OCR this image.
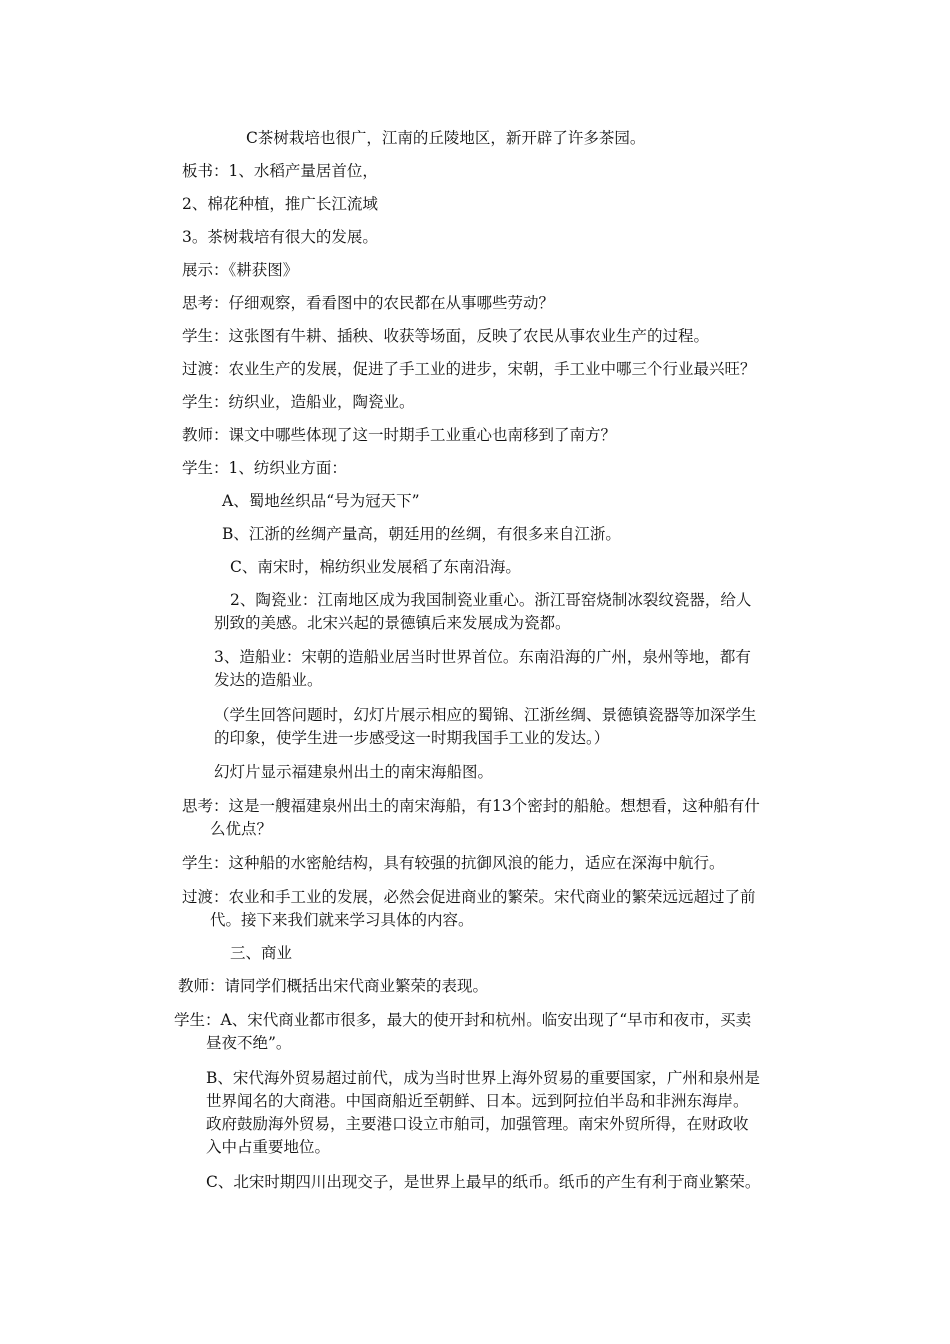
C茶树栽培也很广，江南的丘陵地区，新开辟了许多茶园。
板书：1、水稻产量居首位，
2、棉花种植，推广长江流域
3。茶树栽培有很大的发展。
展示：《耕获图》
思考：仔细观察，看看图中的农民都在从事哪些劳动？
学生：这张图有牛耕、插秧、收获等场面，反映了农民从事农业生产的过程。
过渡：农业生产的发展，促进了手工业的进步，宋朝，手工业中哪三个行业最兴旺？
学生：纺织业，造船业，陶瓷业。
教师：课文中哪些体现了这一时期手工业重心也南移到了南方？
学生：1、纺织业方面：
A、蜀地丝织品“号为冠天下”
B、江浙的丝绸产量高，朝廷用的丝绸，有很多来自江浙。
C、南宋时，棉纺织业发展稻了东南沿海。
2、陶瓷业：江南地区成为我国制瓷业重心。浙江哥窑烧制冰裂纹瓷器，给人
别致的美感。北宋兴起的景德镇后来发展成为瓷都。
3、造船业：宋朝的造船业居当时世界首位。东南沿海的广州，泉州等地，都有
发达的造船业。
（学生回答问题时，幻灯片展示相应的蜀锦、江浙丝绸、景德镇瓷器等加深学生
的印象，使学生进一步感受这一时期我国手工业的发达。）
幻灯片显示福建泉州出土的南宋海船图。
思考：这是一艘福建泉州出土的南宋海船，有13个密封的船舱。想想看，这种船有什
么优点？
学生：这种船的水密舱结构，具有较强的抗御风浪的能力，适应在深海中航行。
过渡：农业和手工业的发展，必然会促进商业的繁荣。宋代商业的繁荣远远超过了前
代。接下来我们就来学习具体的内容。
三、商业
教师：请同学们概括出宋代商业繁荣的表现。
学生：A、宋代商业都市很多，最大的使开封和杭州。临安出现了“早市和夜市，买卖
昼夜不绝”。
B、宋代海外贸易超过前代，成为当时世界上海外贸易的重要国家，广州和泉州是
世界闻名的大商港。中国商船近至朝鲜、日本。远到阿拉伯半岛和非洲东海岸。
政府鼓励海外贸易，主要港口设立市舶司，加强管理。南宋外贸所得，在财政收
入中占重要地位。
C、北宋时期四川出现交子，是世界上最早的纸币。纸币的产生有利于商业繁荣。
